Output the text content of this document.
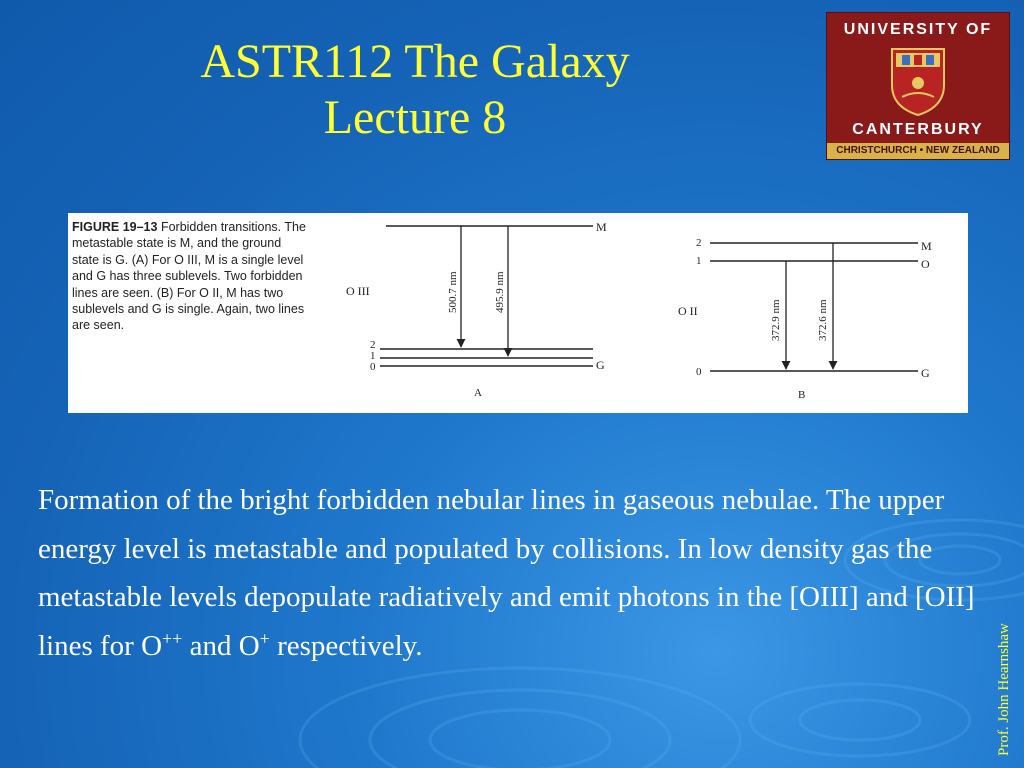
ASTR112 The Galaxy
Lecture 8
UNIVERSITY OF
CANTERBURY
CHRISTCHURCH • NEW ZEALAND
FIGURE 19–13 Forbidden transitions. The metastable state is M, and the ground state is G. (A) For O III, M is a single level and G has three sublevels. Two forbidden lines are seen. (B) For O II, M has two sublevels and G is single. Again, two lines are seen.
O III
M
2
1
0	G
500.7 nm	495.9 nm
A
O II
2
1
M
O
0	G
372.9 nm	372.6 nm
B
Formation of the bright forbidden nebular lines in gaseous nebulae. The upper energy level is metastable and populated by collisions. In low density gas the metastable levels depopulate radiatively and emit photons in the [OIII] and [OII] lines for O++ and O+ respectively.	Prof. John Hearnshaw
